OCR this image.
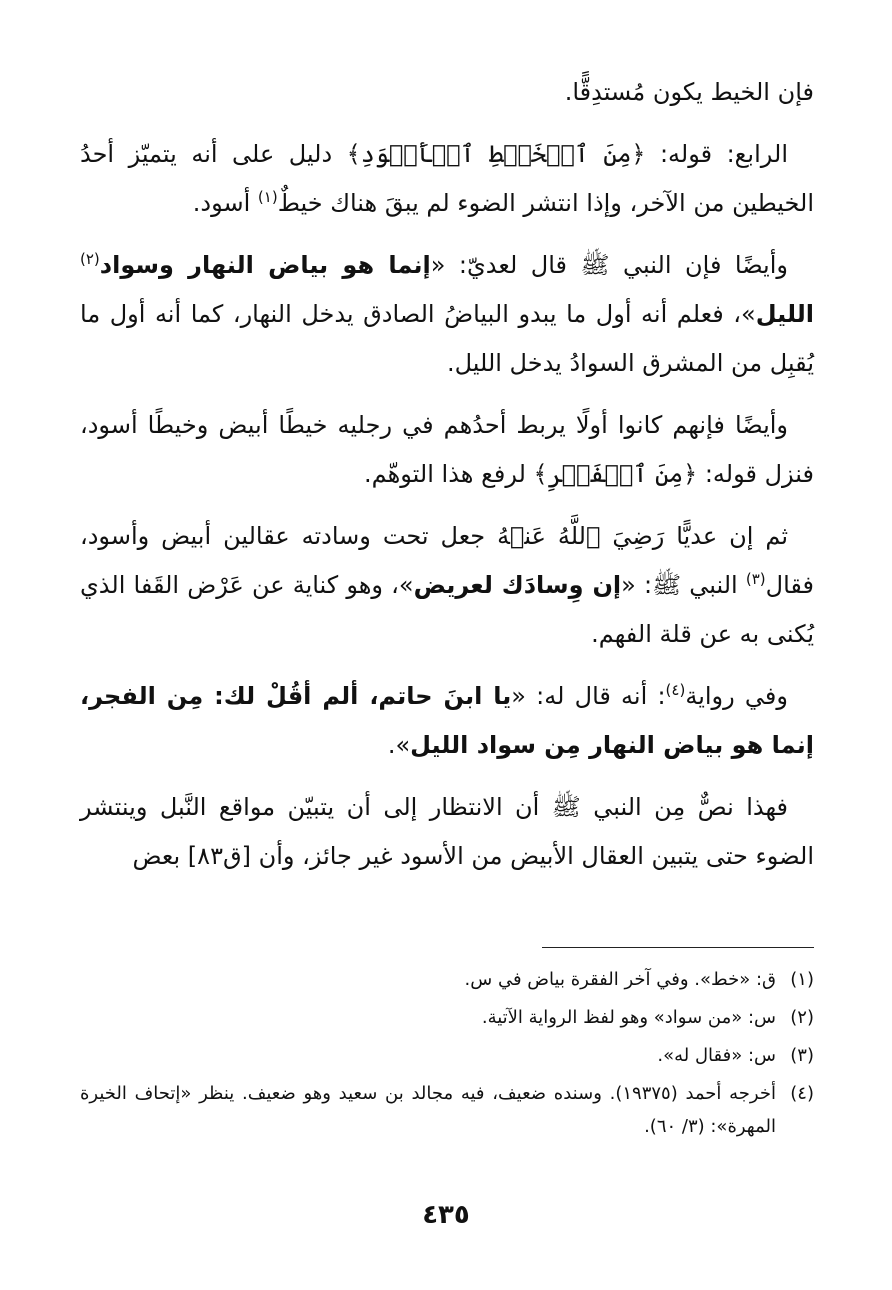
فإن الخيط يكون مُستدِقًّا.

الرابع: قوله: ﴿مِنَ ٱلۡخَيۡطِ ٱلۡأَسۡوَدِ﴾ دليل على أنه يتميّز أحدُ الخيطين من الآخر، وإذا انتشر الضوء لم يبقَ هناك خيطٌ$^{(١)}$ أسود.

وأيضًا فإن النبي ﷺ قال لعديّ: «إنما هو بياض النهار وسواد$^{(٢)}$ الليل»، فعلم أنه أول ما يبدو البياضُ الصادق يدخل النهار، كما أنه أول ما يُقبِل من المشرق السوادُ يدخل الليل.

وأيضًا فإنهم كانوا أولًا يربط أحدُهم في رجليه خيطًا أبيض وخيطًا أسود، فنزل قوله: ﴿مِنَ ٱلۡفَجۡرِ﴾ لرفع هذا التوهّم.

ثم إن عديًّا رَضِيَ ٱللَّهُ عَنۡهُ جعل تحت وسادته عقالين أبيض وأسود، فقال$^{(٣)}$ النبي ﷺ: «إن وِسادَك لعريض»، وهو كناية عن عَرْض القَفا الذي يُكنى به عن قلة الفهم.

وفي رواية$^{(٤)}$: أنه قال له: «يا ابنَ حاتم، ألم أقُلْ لك: مِن الفجر، إنما هو بياض النهار مِن سواد الليل».

فهذا نصٌّ مِن النبي ﷺ أن الانتظار إلى أن يتبيّن مواقع النَّبل وينتشر الضوء حتى يتبين العقال الأبيض من الأسود غير جائز، وأن [ق٨٣] بعض

(١)
ق: «خط». وفي آخر الفقرة بياض في س.
(٢)
س: «من سواد» وهو لفظ الرواية الآتية.
(٣)
س: «فقال له».
(٤)
أخرجه أحمد (١٩٣٧٥). وسنده ضعيف، فيه مجالد بن سعيد وهو ضعيف. ينظر «إتحاف الخيرة المهرة»: (٣/ ٦٠).
٤٣٥
